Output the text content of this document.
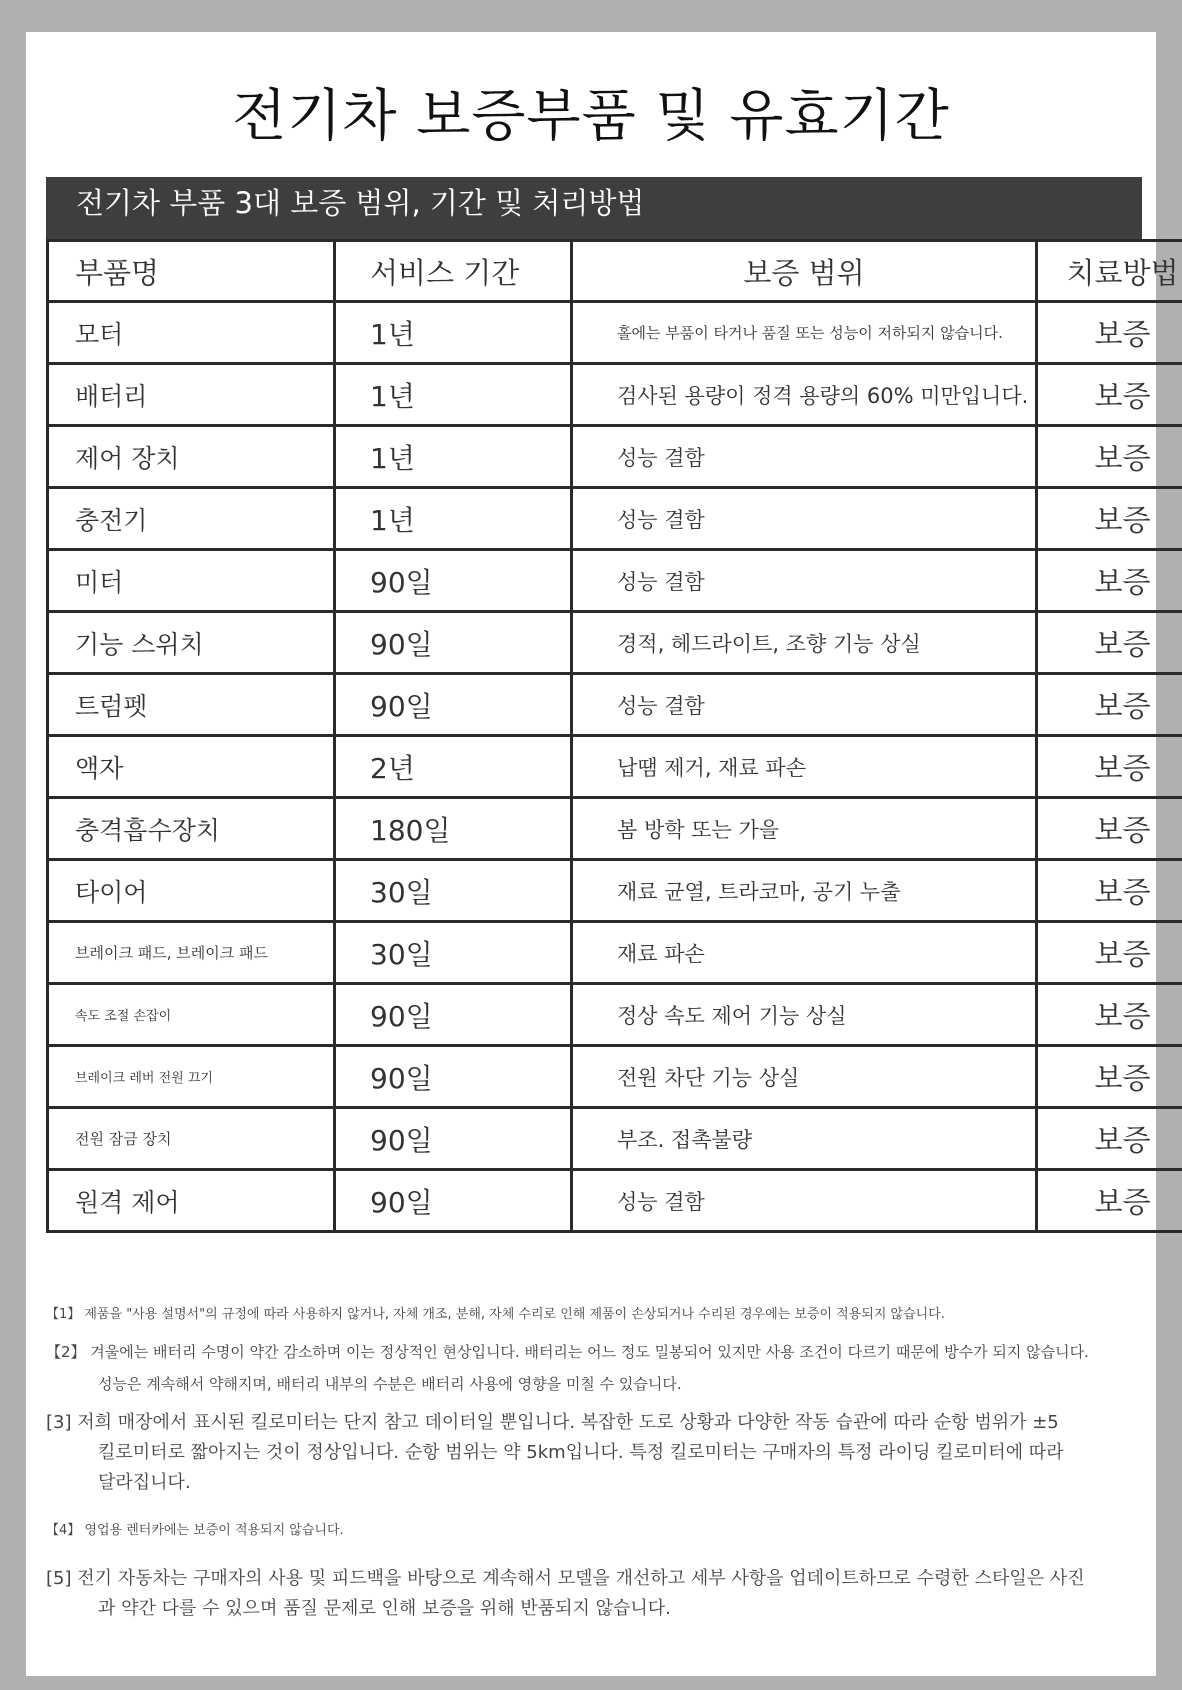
전기차 보증부품 및 유효기간
전기차 부품 3대 보증 범위, 기간 및 처리방법
부품명	서비스 기간	보증 범위	치료방법
모터	1년	홀에는 부품이 타거나 품질 또는 성능이 저하되지 않습니다.	보증
배터리	1년	검사된 용량이 정격 용량의 60% 미만입니다.	보증
제어 장치	1년	성능 결함	보증
충전기	1년	성능 결함	보증
미터	90일	성능 결함	보증
기능 스위치	90일	경적, 헤드라이트, 조향 기능 상실	보증
트럼펫	90일	성능 결함	보증
액자	2년	납땜 제거, 재료 파손	보증
충격흡수장치	180일	봄 방학 또는 가을	보증
타이어	30일	재료 균열, 트라코마, 공기 누출	보증
브레이크 패드, 브레이크 패드	30일	재료 파손	보증
속도 조절 손잡이	90일	정상 속도 제어 기능 상실	보증
브레이크 레버 전원 끄기	90일	전원 차단 기능 상실	보증
전원 잠금 장치	90일	부조. 접촉불량	보증
원격 제어	90일	성능 결함	보증

【1】 제품을 "사용 설명서"의 규정에 따라 사용하지 않거나, 자체 개조, 분해, 자체 수리로 인해 제품이 손상되거나 수리된 경우에는 보증이 적용되지 않습니다.

【2】 겨울에는 배터리 수명이 약간 감소하며 이는 정상적인 현상입니다. 배터리는 어느 정도 밀봉되어 있지만 사용 조건이 다르기 때문에 방수가 되지 않습니다.

성능은 계속해서 약해지며, 배터리 내부의 수분은 배터리 사용에 영향을 미칠 수 있습니다.

[3] 저희 매장에서 표시된 킬로미터는 단지 참고 데이터일 뿐입니다. 복잡한 도로 상황과 다양한 작동 습관에 따라 순항 범위가 ±5

킬로미터로 짧아지는 것이 정상입니다. 순항 범위는 약 5km입니다. 특정 킬로미터는 구매자의 특정 라이딩 킬로미터에 따라

달라집니다.

【4】 영업용 렌터카에는 보증이 적용되지 않습니다.

[5] 전기 자동차는 구매자의 사용 및 피드백을 바탕으로 계속해서 모델을 개선하고 세부 사항을 업데이트하므로 수령한 스타일은 사진

과 약간 다를 수 있으며 품질 문제로 인해 보증을 위해 반품되지 않습니다.
